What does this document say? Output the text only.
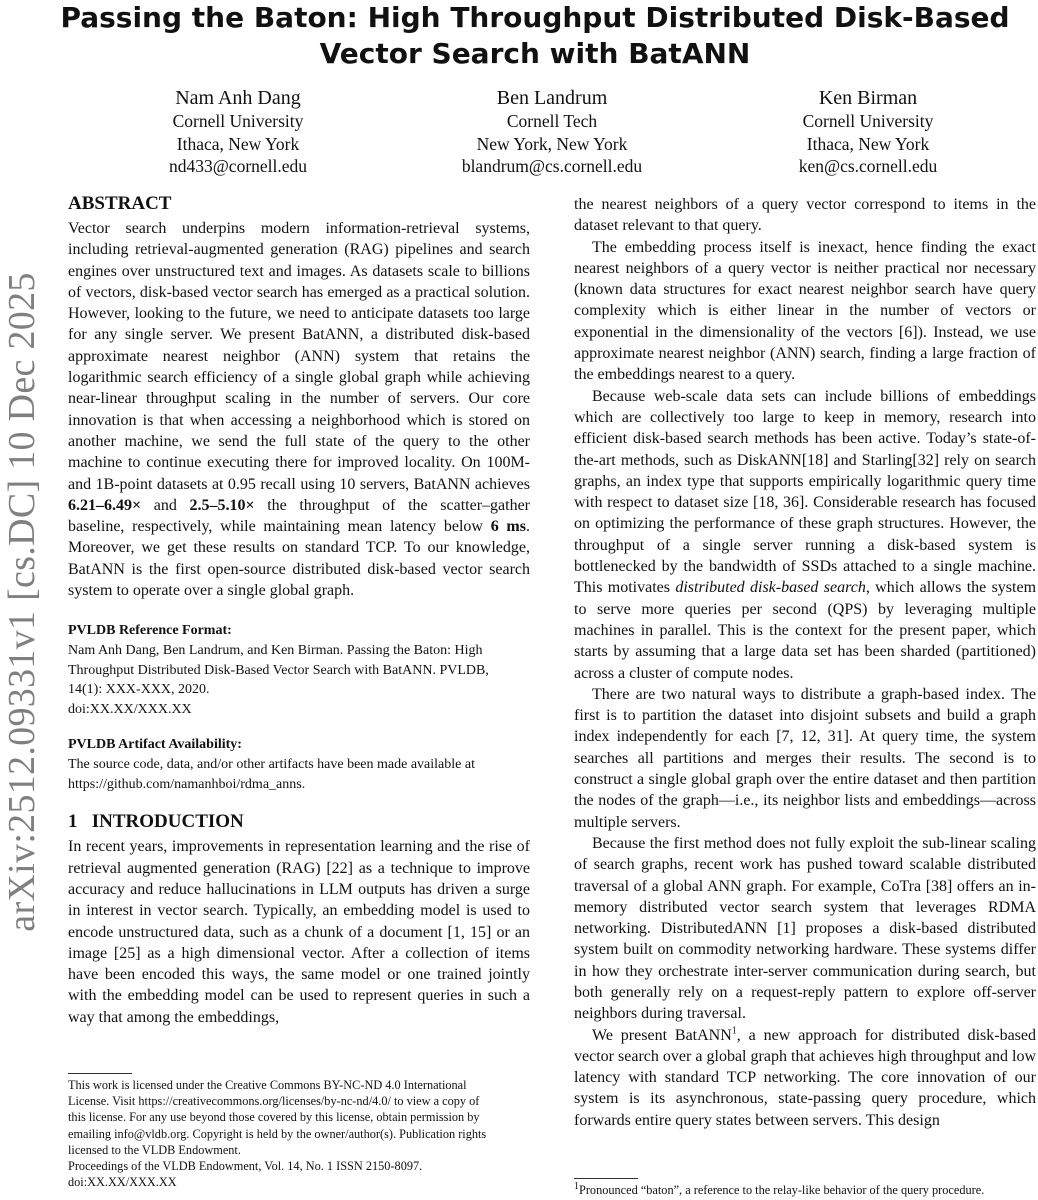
arXiv:2512.09331v1 [cs.DC] 10 Dec 2025
Passing the Baton: High Throughput Distributed Disk-Based
Vector Search with BatANN
Nam Anh Dang
Cornell University
Ithaca, New York
nd433@cornell.edu
Ben Landrum
Cornell Tech
New York, New York
blandrum@cs.cornell.edu
Ken Birman
Cornell University
Ithaca, New York
ken@cs.cornell.edu
ABSTRACT

Vector search underpins modern information-retrieval systems, including retrieval-augmented generation (RAG) pipelines and search engines over unstructured text and images. As datasets scale to billions of vectors, disk-based vector search has emerged as a practical solution. However, looking to the future, we need to anticipate datasets too large for any single server. We present BatANN, a distributed disk-based approximate nearest neighbor (ANN) system that retains the logarithmic search efficiency of a single global graph while achieving near-linear throughput scaling in the number of servers. Our core innovation is that when accessing a neighborhood which is stored on another machine, we send the full state of the query to the other machine to continue executing there for improved locality. On 100M- and 1B-point datasets at 0.95 recall using 10 servers, BatANN achieves 6.21–6.49× and 2.5–5.10× the throughput of the scatter–gather baseline, respectively, while maintaining mean latency below 6 ms. Moreover, we get these results on standard TCP. To our knowledge, BatANN is the first open-source distributed disk-based vector search system to operate over a single global graph.

PVLDB Reference Format:
Nam Anh Dang, Ben Landrum, and Ken Birman. Passing the Baton: High
Throughput Distributed Disk-Based Vector Search with BatANN. PVLDB,
14(1): XXX-XXX, 2020.
doi:XX.XX/XXX.XX
PVLDB Artifact Availability:
The source code, data, and/or other artifacts have been made available at
https://github.com/namanhboi/rdma_anns.
1   INTRODUCTION

In recent years, improvements in representation learning and the rise of retrieval augmented generation (RAG) [22] as a technique to improve accuracy and reduce hallucinations in LLM outputs has driven a surge in interest in vector search. Typically, an embedding model is used to encode unstructured data, such as a chunk of a document [1, 15] or an image [25] as a high dimensional vector. After a collection of items have been encoded this ways, the same model or one trained jointly with the embedding model can be used to represent queries in such a way that among the embeddings,

This work is licensed under the Creative Commons BY-NC-ND 4.0 International
License. Visit https://creativecommons.org/licenses/by-nc-nd/4.0/ to view a copy of
this license. For any use beyond those covered by this license, obtain permission by
emailing info@vldb.org. Copyright is held by the owner/author(s). Publication rights
licensed to the VLDB Endowment.
Proceedings of the VLDB Endowment, Vol. 14, No. 1 ISSN 2150-8097.
doi:XX.XX/XXX.XX

the nearest neighbors of a query vector correspond to items in the dataset relevant to that query.

The embedding process itself is inexact, hence finding the exact nearest neighbors of a query vector is neither practical nor necessary (known data structures for exact nearest neighbor search have query complexity which is either linear in the number of vectors or exponential in the dimensionality of the vectors [6]). Instead, we use approximate nearest neighbor (ANN) search, finding a large fraction of the embeddings nearest to a query.

Because web-scale data sets can include billions of embeddings which are collectively too large to keep in memory, research into efficient disk-based search methods has been active. Today’s state-of-the-art methods, such as DiskANN[18] and Starling[32] rely on search graphs, an index type that supports empirically logarithmic query time with respect to dataset size [18, 36]. Considerable research has focused on optimizing the performance of these graph structures. However, the throughput of a single server running a disk-based system is bottlenecked by the bandwidth of SSDs attached to a single machine. This motivates distributed disk-based search, which allows the system to serve more queries per second (QPS) by leveraging multiple machines in parallel. This is the context for the present paper, which starts by assuming that a large data set has been sharded (partitioned) across a cluster of compute nodes.

There are two natural ways to distribute a graph-based index. The first is to partition the dataset into disjoint subsets and build a graph index independently for each [7, 12, 31]. At query time, the system searches all partitions and merges their results. The second is to construct a single global graph over the entire dataset and then partition the nodes of the graph—i.e., its neighbor lists and embeddings—across multiple servers.

Because the first method does not fully exploit the sub-linear scaling of search graphs, recent work has pushed toward scalable distributed traversal of a global ANN graph. For example, CoTra [38] offers an in-memory distributed vector search system that leverages RDMA networking. DistributedANN [1] proposes a disk-based distributed system built on commodity networking hardware. These systems differ in how they orchestrate inter-server communication during search, but both generally rely on a request-reply pattern to explore off-server neighbors during traversal.

We present BatANN$^1$, a new approach for distributed disk-based vector search over a global graph that achieves high throughput and low latency with standard TCP networking. The core innovation of our system is its asynchronous, state-passing query procedure, which forwards entire query states between servers. This design

$^1$Pronounced “baton”, a reference to the relay-like behavior of the query procedure.
